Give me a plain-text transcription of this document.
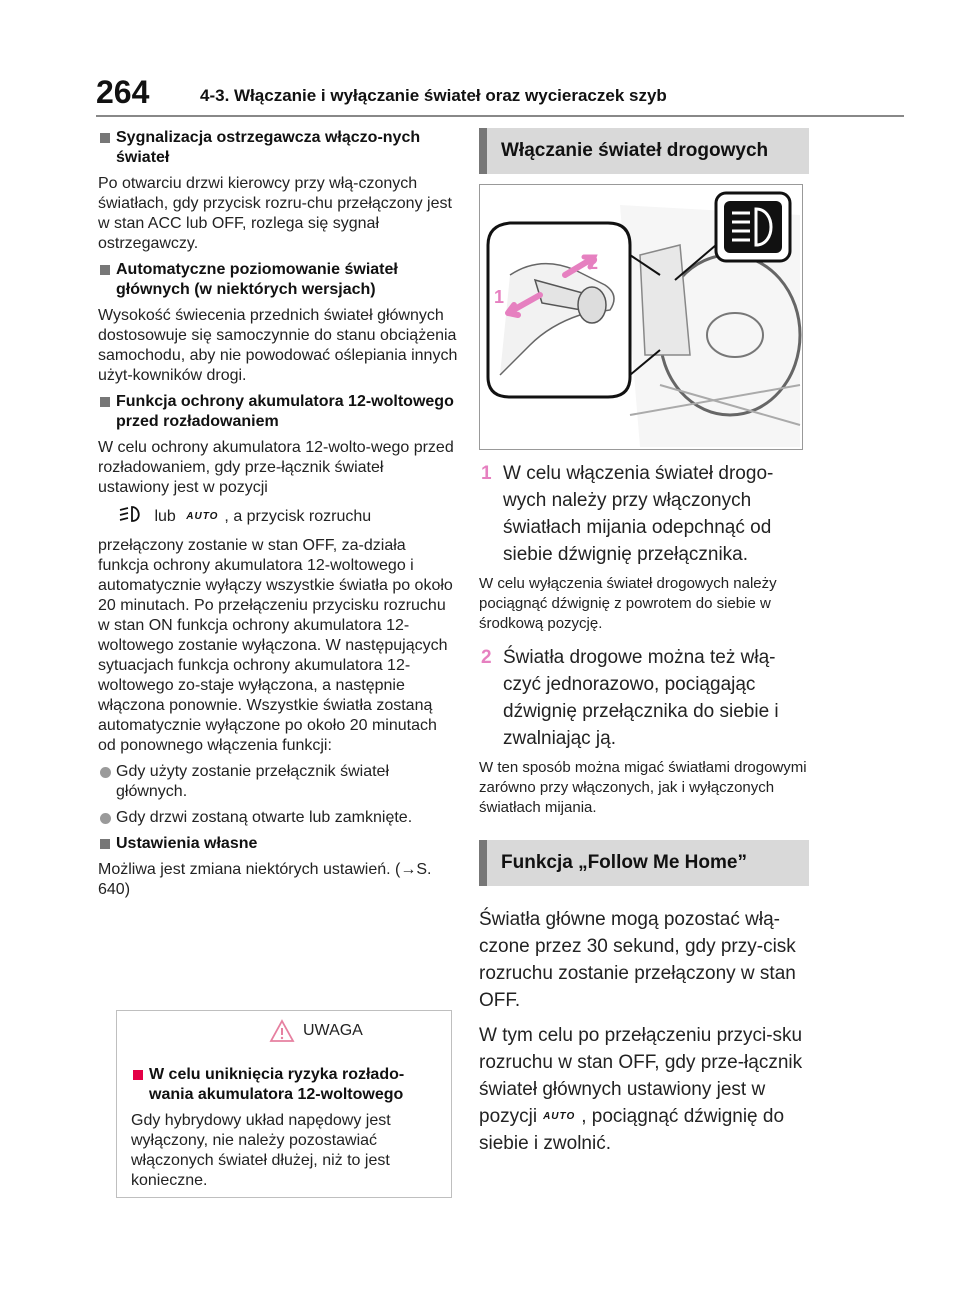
264	4-3. Włączanie i wyłączanie świateł oraz wycieraczek szyb
Sygnalizacja ostrzegawcza włączo-nych świateł
Po otwarciu drzwi kierowcy przy włą-czonych światłach, gdy przycisk rozru-chu przełączony jest w stan ACC lub OFF, rozlega się sygnał ostrzegawczy.
Automatyczne poziomowanie świateł głównych (w niektórych wersjach)
Wysokość świecenia przednich świateł głównych dostosowuje się samoczynnie do stanu obciążenia samochodu, aby nie powodować oślepiania innych użyt-kowników drogi.
Funkcja ochrony akumulatora 12-woltowego przed rozładowaniem
W celu ochrony akumulatora 12-wolto-wego przed rozładowaniem, gdy prze-łącznik świateł ustawiony jest w pozycji
lub AUTO , a przycisk rozruchu
przełączony zostanie w stan OFF, za-działa funkcja ochrony akumulatora 12-woltowego i automatycznie wyłączy wszystkie światła po około 20 minutach. Po przełączeniu przycisku rozruchu w stan ON funkcja ochrony akumulatora 12-woltowego zostanie wyłączona. W następujących sytuacjach funkcja ochrony akumulatora 12-woltowego zo-staje wyłączona, a następnie włączona ponownie. Wszystkie światła zostaną automatycznie wyłączone po około 20 minutach od ponownego włączenia funkcji:
Gdy użyty zostanie przełącznik świateł głównych.
Gdy drzwi zostaną otwarte lub zamknięte.
Ustawienia własne
Możliwa jest zmiana niektórych ustawień. (→S. 640)
UWAGA
W celu uniknięcia ryzyka rozłado-wania akumulatora 12-woltowego
Gdy hybrydowy układ napędowy jest wyłączony, nie należy pozostawiać włączonych świateł dłużej, niż to jest konieczne.
Włączanie świateł drogowych
1
2
1 W celu włączenia świateł drogo-wych należy przy włączonych światłach mijania odepchnąć od siebie dźwignię przełącznika.
W celu wyłączenia świateł drogowych należy pociągnąć dźwignię z powrotem do siebie w środkową pozycję.
2 Światła drogowe można też włą-czyć jednorazowo, pociągając dźwignię przełącznika do siebie i zwalniając ją.
W ten sposób można migać światłami drogowymi zarówno przy włączonych, jak i wyłączonych światłach mijania.
Funkcja „Follow Me Home”
Światła główne mogą pozostać włą-czone przez 30 sekund, gdy przy-cisk rozruchu zostanie przełączony w stan OFF.
W tym celu po przełączeniu przyci-sku rozruchu w stan OFF, gdy prze-łącznik świateł głównych ustawiony jest w pozycji AUTO , pociągnąć dźwignię do siebie i zwolnić.
